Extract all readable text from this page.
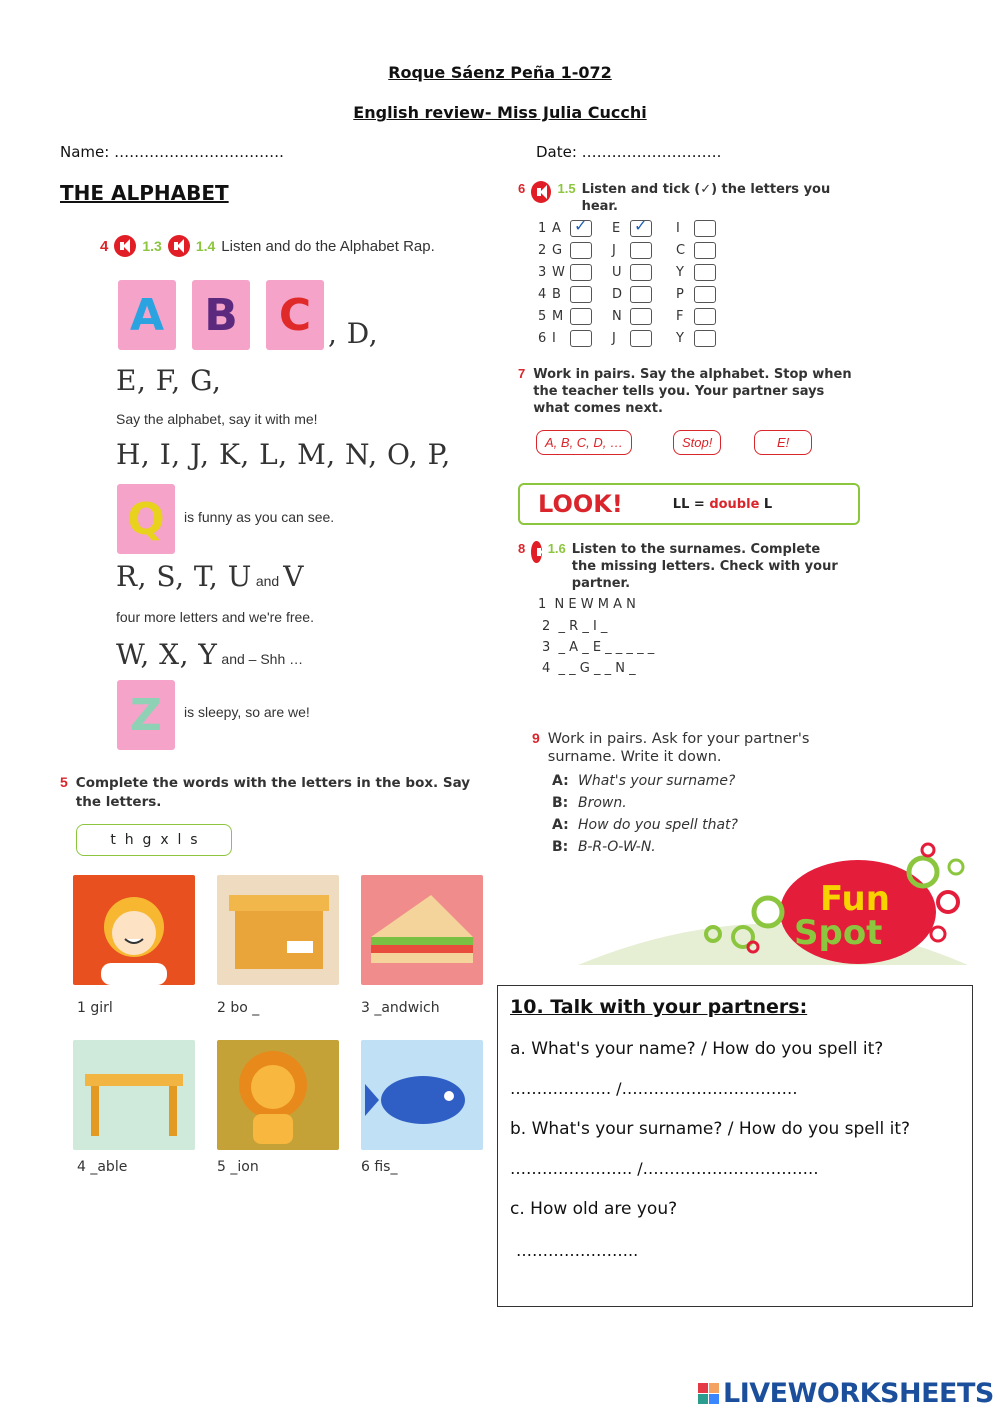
Roque Sáenz Peña 1-072
English review- Miss Julia Cucchi
Name: …………………………….	Date: ……………………….
THE ALPHABET
4 1.3 1.4 Listen and do the Alphabet Rap.
A B C , D,
E, F, G,
Say the alphabet, say it with me!
H, I, J, K, L, M, N, O, P,
Q	is funny as you can see.
R, S, T, U and V
four more letters and we're free.
W, X, Y and – Shh …
Z	is sleepy, so are we!
5 Complete the words with the letters in the box. Say the letters.
t  h  g  x  l  s
1 girl	2 bo _	3 _andwich
4 _able	5 _ion	6 fis_
6 1.5 Listen and tick (✓) the letters you hear.
1 A ✓	E ✓	I
2 G	J	C
3 W	U	Y
4 B	D	P
5 M	N	F
6 I	J	Y
7 Work in pairs. Say the alphabet. Stop when the teacher tells you. Your partner says what comes next.
A, B, C, D, …	Stop!	E!
LOOK!	LL = double L
8 1.6 Listen to the surnames. Complete the missing letters. Check with your partner.
1  N E W M A N
2  _ R _ I _
3  _ A _ E _ _ _ _ _
4  _ _ G _ _ N _
9 Work in pairs. Ask for your partner's surname. Write it down.
A: What's your surname?
B: Brown.
A: How do you spell that?
B: B-R-O-W-N.
Fun
Spot
10. Talk with your partners:
a. What's your name? / How do you spell it?
………………. /……………………………
b. What's your surname? / How do you spell it?
………………….. /……………………………
c. How old are you?
…………………..
LIVEWORKSHEETS
